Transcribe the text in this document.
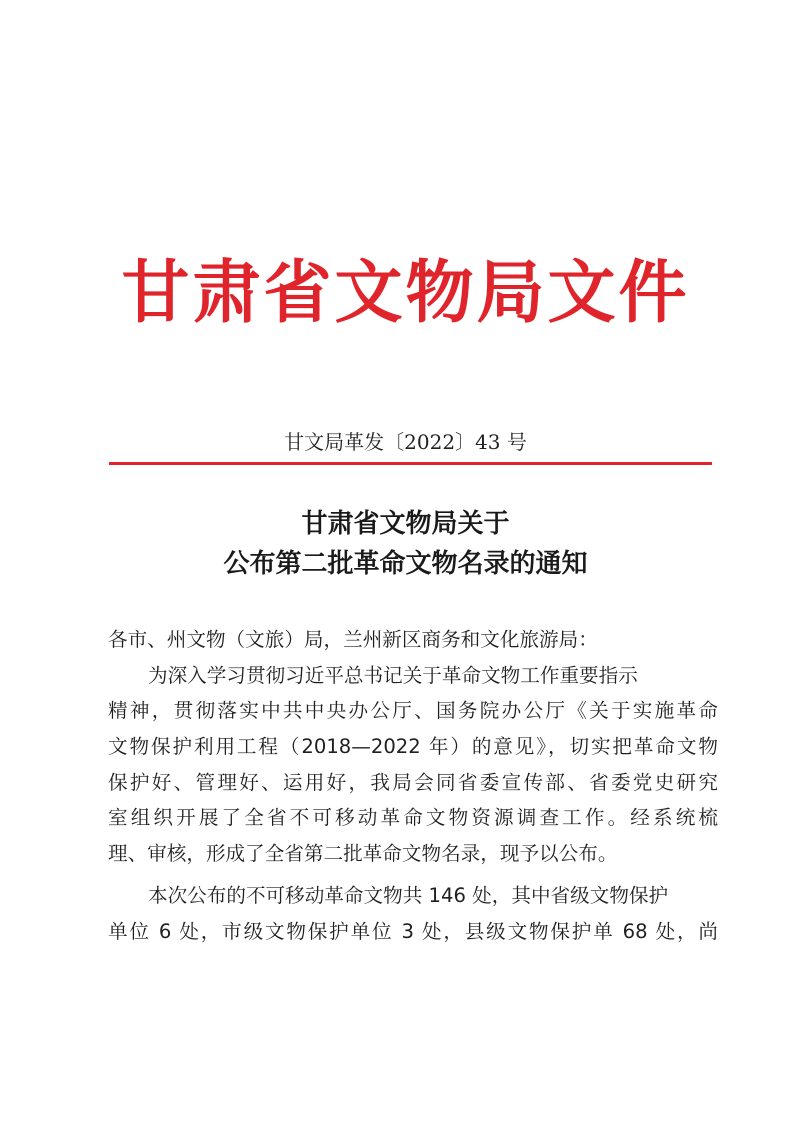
甘肃省文物局文件
甘文局革发〔2022〕43 号
甘肃省文物局关于
公布第二批革命文物名录的通知
各市、州文物（文旅）局，兰州新区商务和文化旅游局：
为深入学习贯彻习近平总书记关于革命文物工作重要指示
精神，贯彻落实中共中央办公厅、国务院办公厅《关于实施革命
文物保护利用工程（2018—2022 年）的意见》，切实把革命文物
保护好、管理好、运用好，我局会同省委宣传部、省委党史研究
室组织开展了全省不可移动革命文物资源调查工作。经系统梳
理、审核，形成了全省第二批革命文物名录，现予以公布。
本次公布的不可移动革命文物共 146 处，其中省级文物保护
单位 6 处，市级文物保护单位 3 处，县级文物保护单 68 处，尚
